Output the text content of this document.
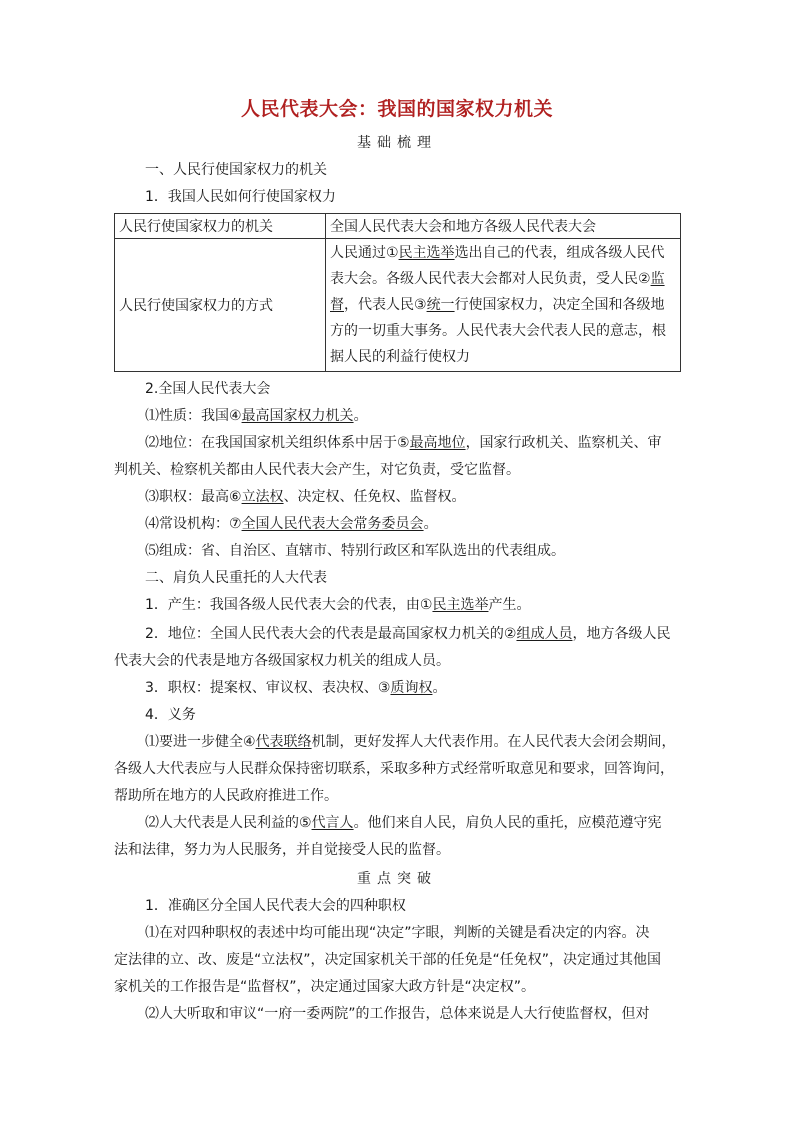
人民代表大会：我国的国家权力机关
基础梳理
一、人民行使国家权力的机关
1．我国人民如何行使国家权力
人民行使国家权力的机关	全国人民代表大会和地方各级人民代表大会
人民行使国家权力的方式	人民通过①民主选举选出自己的代表，组成各级人民代
表大会。各级人民代表大会都对人民负责，受人民②监
督，代表人民③统一行使国家权力，决定全国和各级地
方的一切重大事务。人民代表大会代表人民的意志，根
据人民的利益行使权力
2.全国人民代表大会
⑴性质：我国④最高国家权力机关。
⑵地位：在我国国家机关组织体系中居于⑤最高地位，国家行政机关、监察机关、审
判机关、检察机关都由人民代表大会产生，对它负责，受它监督。
⑶职权：最高⑥立法权、决定权、任免权、监督权。
⑷常设机构：⑦全国人民代表大会常务委员会。
⑸组成：省、自治区、直辖市、特别行政区和军队选出的代表组成。
二、肩负人民重托的人大代表
1．产生：我国各级人民代表大会的代表，由①民主选举产生。
2．地位：全国人民代表大会的代表是最高国家权力机关的②组成人员，地方各级人民
代表大会的代表是地方各级国家权力机关的组成人员。
3．职权：提案权、审议权、表决权、③质询权。
4．义务
⑴要进一步健全④代表联络机制，更好发挥人大代表作用。在人民代表大会闭会期间，
各级人大代表应与人民群众保持密切联系，采取多种方式经常听取意见和要求，回答询问，
帮助所在地方的人民政府推进工作。
⑵人大代表是人民利益的⑤代言人。他们来自人民，肩负人民的重托，应模范遵守宪
法和法律，努力为人民服务，并自觉接受人民的监督。
重点突破
1．准确区分全国人民代表大会的四种职权
⑴在对四种职权的表述中均可能出现“决定”字眼，判断的关键是看决定的内容。决
定法律的立、改、废是“立法权”，决定国家机关干部的任免是“任免权”，决定通过其他国
家机关的工作报告是“监督权”，决定通过国家大政方针是“决定权”。
⑵人大听取和审议“一府一委两院”的工作报告，总体来说是人大行使监督权，但对
